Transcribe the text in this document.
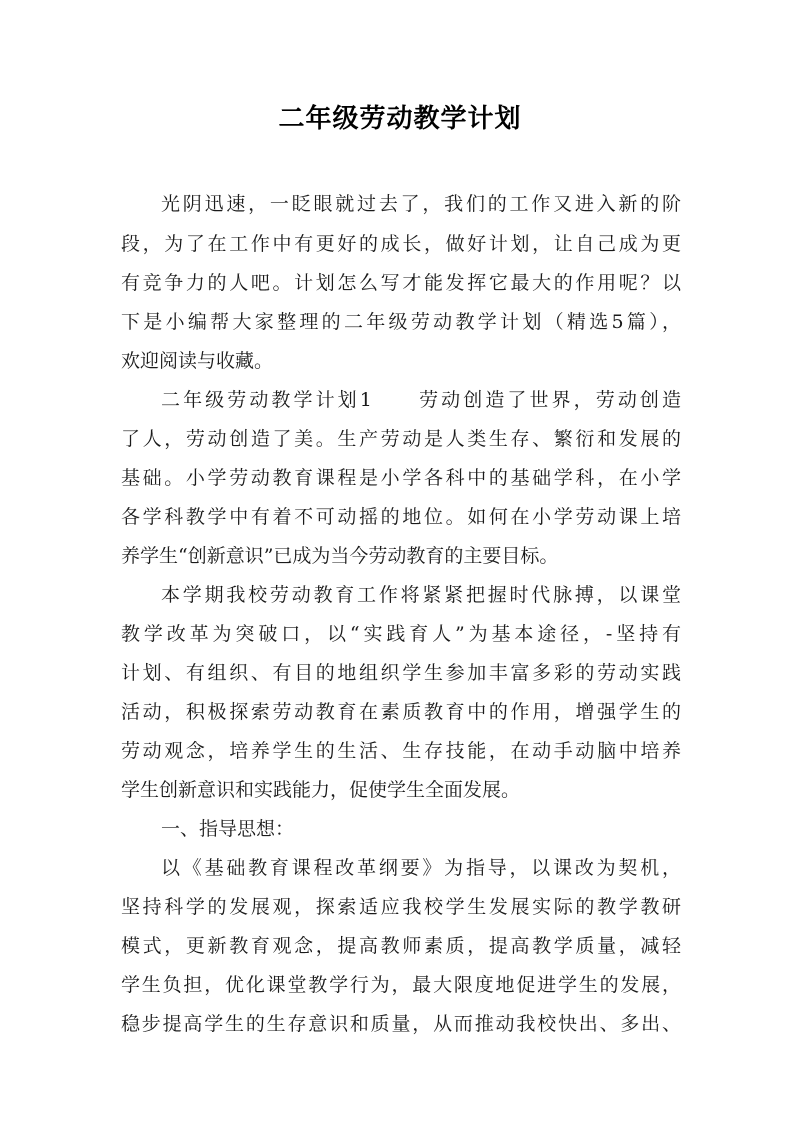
二年级劳动教学计划
光阴迅速，一眨眼就过去了，我们的工作又进入新的阶
段，为了在工作中有更好的成长，做好计划，让自己成为更
有竞争力的人吧。计划怎么写才能发挥它最大的作用呢？以
下是小编帮大家整理的二年级劳动教学计划（精选5篇），
欢迎阅读与收藏。
二年级劳动教学计划1　　劳动创造了世界，劳动创造
了人，劳动创造了美。生产劳动是人类生存、繁衍和发展的
基础。小学劳动教育课程是小学各科中的基础学科，在小学
各学科教学中有着不可动摇的地位。如何在小学劳动课上培
养学生“创新意识”已成为当今劳动教育的主要目标。
本学期我校劳动教育工作将紧紧把握时代脉搏，以课堂
教学改革为突破口，以“实践育人”为基本途径，-坚持有
计划、有组织、有目的地组织学生参加丰富多彩的劳动实践
活动，积极探索劳动教育在素质教育中的作用，增强学生的
劳动观念，培养学生的生活、生存技能，在动手动脑中培养
学生创新意识和实践能力，促使学生全面发展。
一、指导思想：
以《基础教育课程改革纲要》为指导，以课改为契机，
坚持科学的发展观，探索适应我校学生发展实际的教学教研
模式，更新教育观念，提高教师素质，提高教学质量，减轻
学生负担，优化课堂教学行为，最大限度地促进学生的发展，
稳步提高学生的生存意识和质量，从而推动我校快出、多出、
